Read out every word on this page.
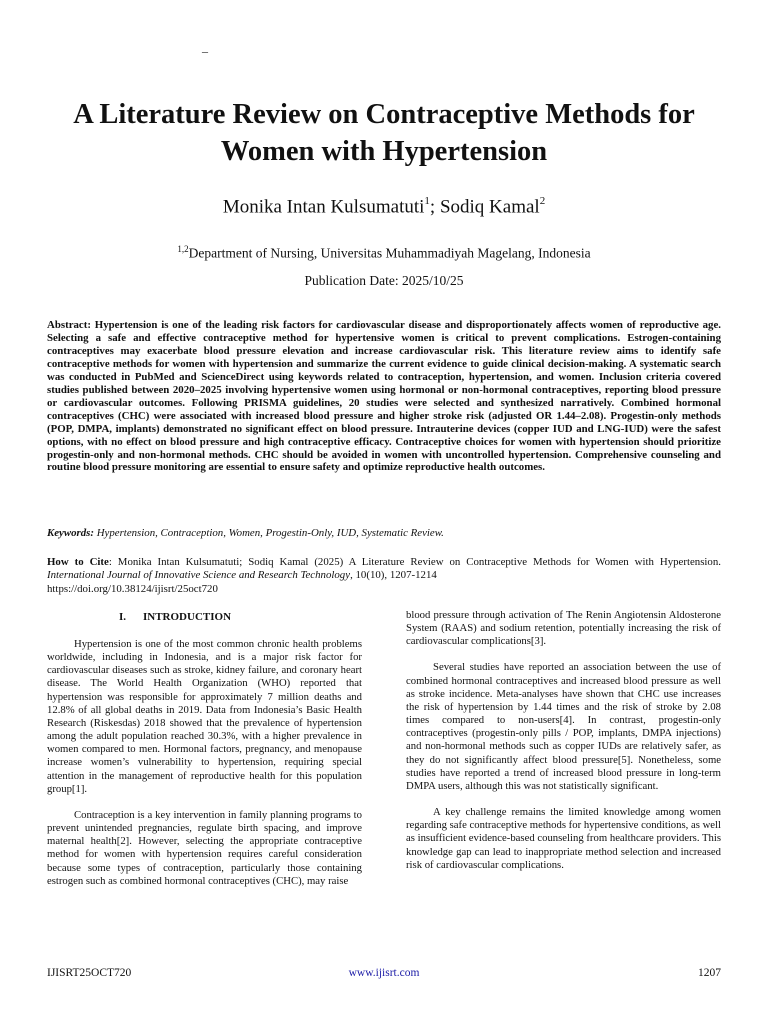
_
A Literature Review on Contraceptive Methods for Women with Hypertension
Monika Intan Kulsumatuti$^1$; Sodiq Kamal$^2$
$^{1,2}$Department of Nursing, Universitas Muhammadiyah Magelang, Indonesia
Publication Date: 2025/10/25

Abstract: Hypertension is one of the leading risk factors for cardiovascular disease and disproportionately affects women of reproductive age. Selecting a safe and effective contraceptive method for hypertensive women is critical to prevent complications. Estrogen-containing contraceptives may exacerbate blood pressure elevation and increase cardiovascular risk. This literature review aims to identify safe contraceptive methods for women with hypertension and summarize the current evidence to guide clinical decision-making. A systematic search was conducted in PubMed and ScienceDirect using keywords related to contraception, hypertension, and women. Inclusion criteria covered studies published between 2020–2025 involving hypertensive women using hormonal or non-hormonal contraceptives, reporting blood pressure or cardiovascular outcomes. Following PRISMA guidelines, 20 studies were selected and synthesized narratively. Combined hormonal contraceptives (CHC) were associated with increased blood pressure and higher stroke risk (adjusted OR 1.44–2.08). Progestin-only methods (POP, DMPA, implants) demonstrated no significant effect on blood pressure. Intrauterine devices (copper IUD and LNG-IUD) were the safest options, with no effect on blood pressure and high contraceptive efficacy. Contraceptive choices for women with hypertension should prioritize progestin-only and non-hormonal methods. CHC should be avoided in women with uncontrolled hypertension. Comprehensive counseling and routine blood pressure monitoring are essential to ensure safety and optimize reproductive health outcomes.

Keywords: Hypertension, Contraception, Women, Progestin-Only, IUD, Systematic Review.

How to Cite: Monika Intan Kulsumatuti; Sodiq Kamal (2025) A Literature Review on Contraceptive Methods for Women with Hypertension. International Journal of Innovative Science and Research Technology, 10(10), 1207-1214
https://doi.org/10.38124/ijisrt/25oct720

I. INTRODUCTION

Hypertension is one of the most common chronic health problems worldwide, including in Indonesia, and is a major risk factor for cardiovascular diseases such as stroke, kidney failure, and coronary heart disease. The World Health Organization (WHO) reported that hypertension was responsible for approximately 7 million deaths and 12.8% of all global deaths in 2019. Data from Indonesia’s Basic Health Research (Riskesdas) 2018 showed that the prevalence of hypertension among the adult population reached 30.3%, with a higher prevalence in women compared to men. Hormonal factors, pregnancy, and menopause increase women’s vulnerability to hypertension, requiring special attention in the management of reproductive health for this population group[1].

Contraception is a key intervention in family planning programs to prevent unintended pregnancies, regulate birth spacing, and improve maternal health[2]. However, selecting the appropriate contraceptive method for women with hypertension requires careful consideration because some types of contraception, particularly those containing estrogen such as combined hormonal contraceptives (CHC), may raise

blood pressure through activation of The Renin Angiotensin Aldosterone System (RAAS) and sodium retention, potentially increasing the risk of cardiovascular complications[3].

Several studies have reported an association between the use of combined hormonal contraceptives and increased blood pressure as well as stroke incidence. Meta-analyses have shown that CHC use increases the risk of hypertension by 1.44 times and the risk of stroke by 2.08 times compared to non-users[4]. In contrast, progestin-only contraceptives (progestin-only pills / POP, implants, DMPA injections) and non-hormonal methods such as copper IUDs are relatively safer, as they do not significantly affect blood pressure[5]. Nonetheless, some studies have reported a trend of increased blood pressure in long-term DMPA users, although this was not statistically significant.

A key challenge remains the limited knowledge among women regarding safe contraceptive methods for hypertensive conditions, as well as insufficient evidence-based counseling from healthcare providers. This knowledge gap can lead to inappropriate method selection and increased risk of cardiovascular complications.

IJISRT25OCT720	www.ijisrt.com	1207
